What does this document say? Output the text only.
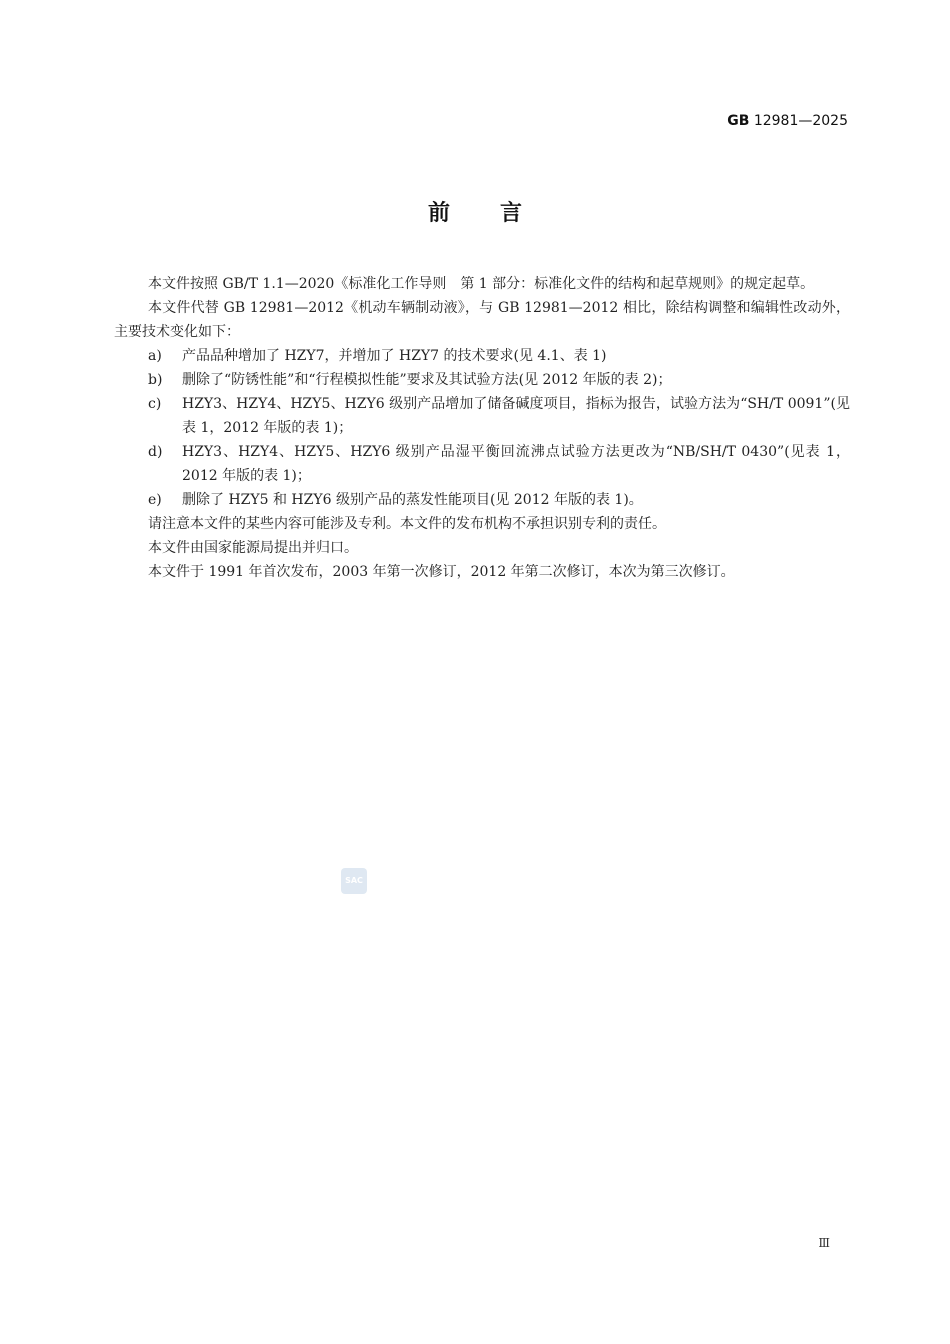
GB 12981—2025
前言

本文件按照 GB/T 1.1—2020《标准化工作导则　第 1 部分：标准化文件的结构和起草规则》的规定起草。

本文件代替 GB 12981—2012《机动车辆制动液》，与 GB 12981—2012 相比，除结构调整和编辑性改动外，主要技术变化如下：

a)	产品品种增加了 HZY7，并增加了 HZY7 的技术要求(见 4.1、表 1)
b)	删除了“防锈性能”和“行程模拟性能”要求及其试验方法(见 2012 年版的表 2)；
c)	HZY3、HZY4、HZY5、HZY6 级别产品增加了储备碱度项目，指标为报告，试验方法为“SH/T 0091”(见表 1，2012 年版的表 1)；
d)	HZY3、HZY4、HZY5、HZY6 级别产品湿平衡回流沸点试验方法更改为“NB/SH/T 0430”(见表 1，2012 年版的表 1)；
e)	删除了 HZY5 和 HZY6 级别产品的蒸发性能项目(见 2012 年版的表 1)。

请注意本文件的某些内容可能涉及专利。本文件的发布机构不承担识别专利的责任。

本文件由国家能源局提出并归口。

本文件于 1991 年首次发布，2003 年第一次修订，2012 年第二次修订，本次为第三次修订。

SAC
Ⅲ
